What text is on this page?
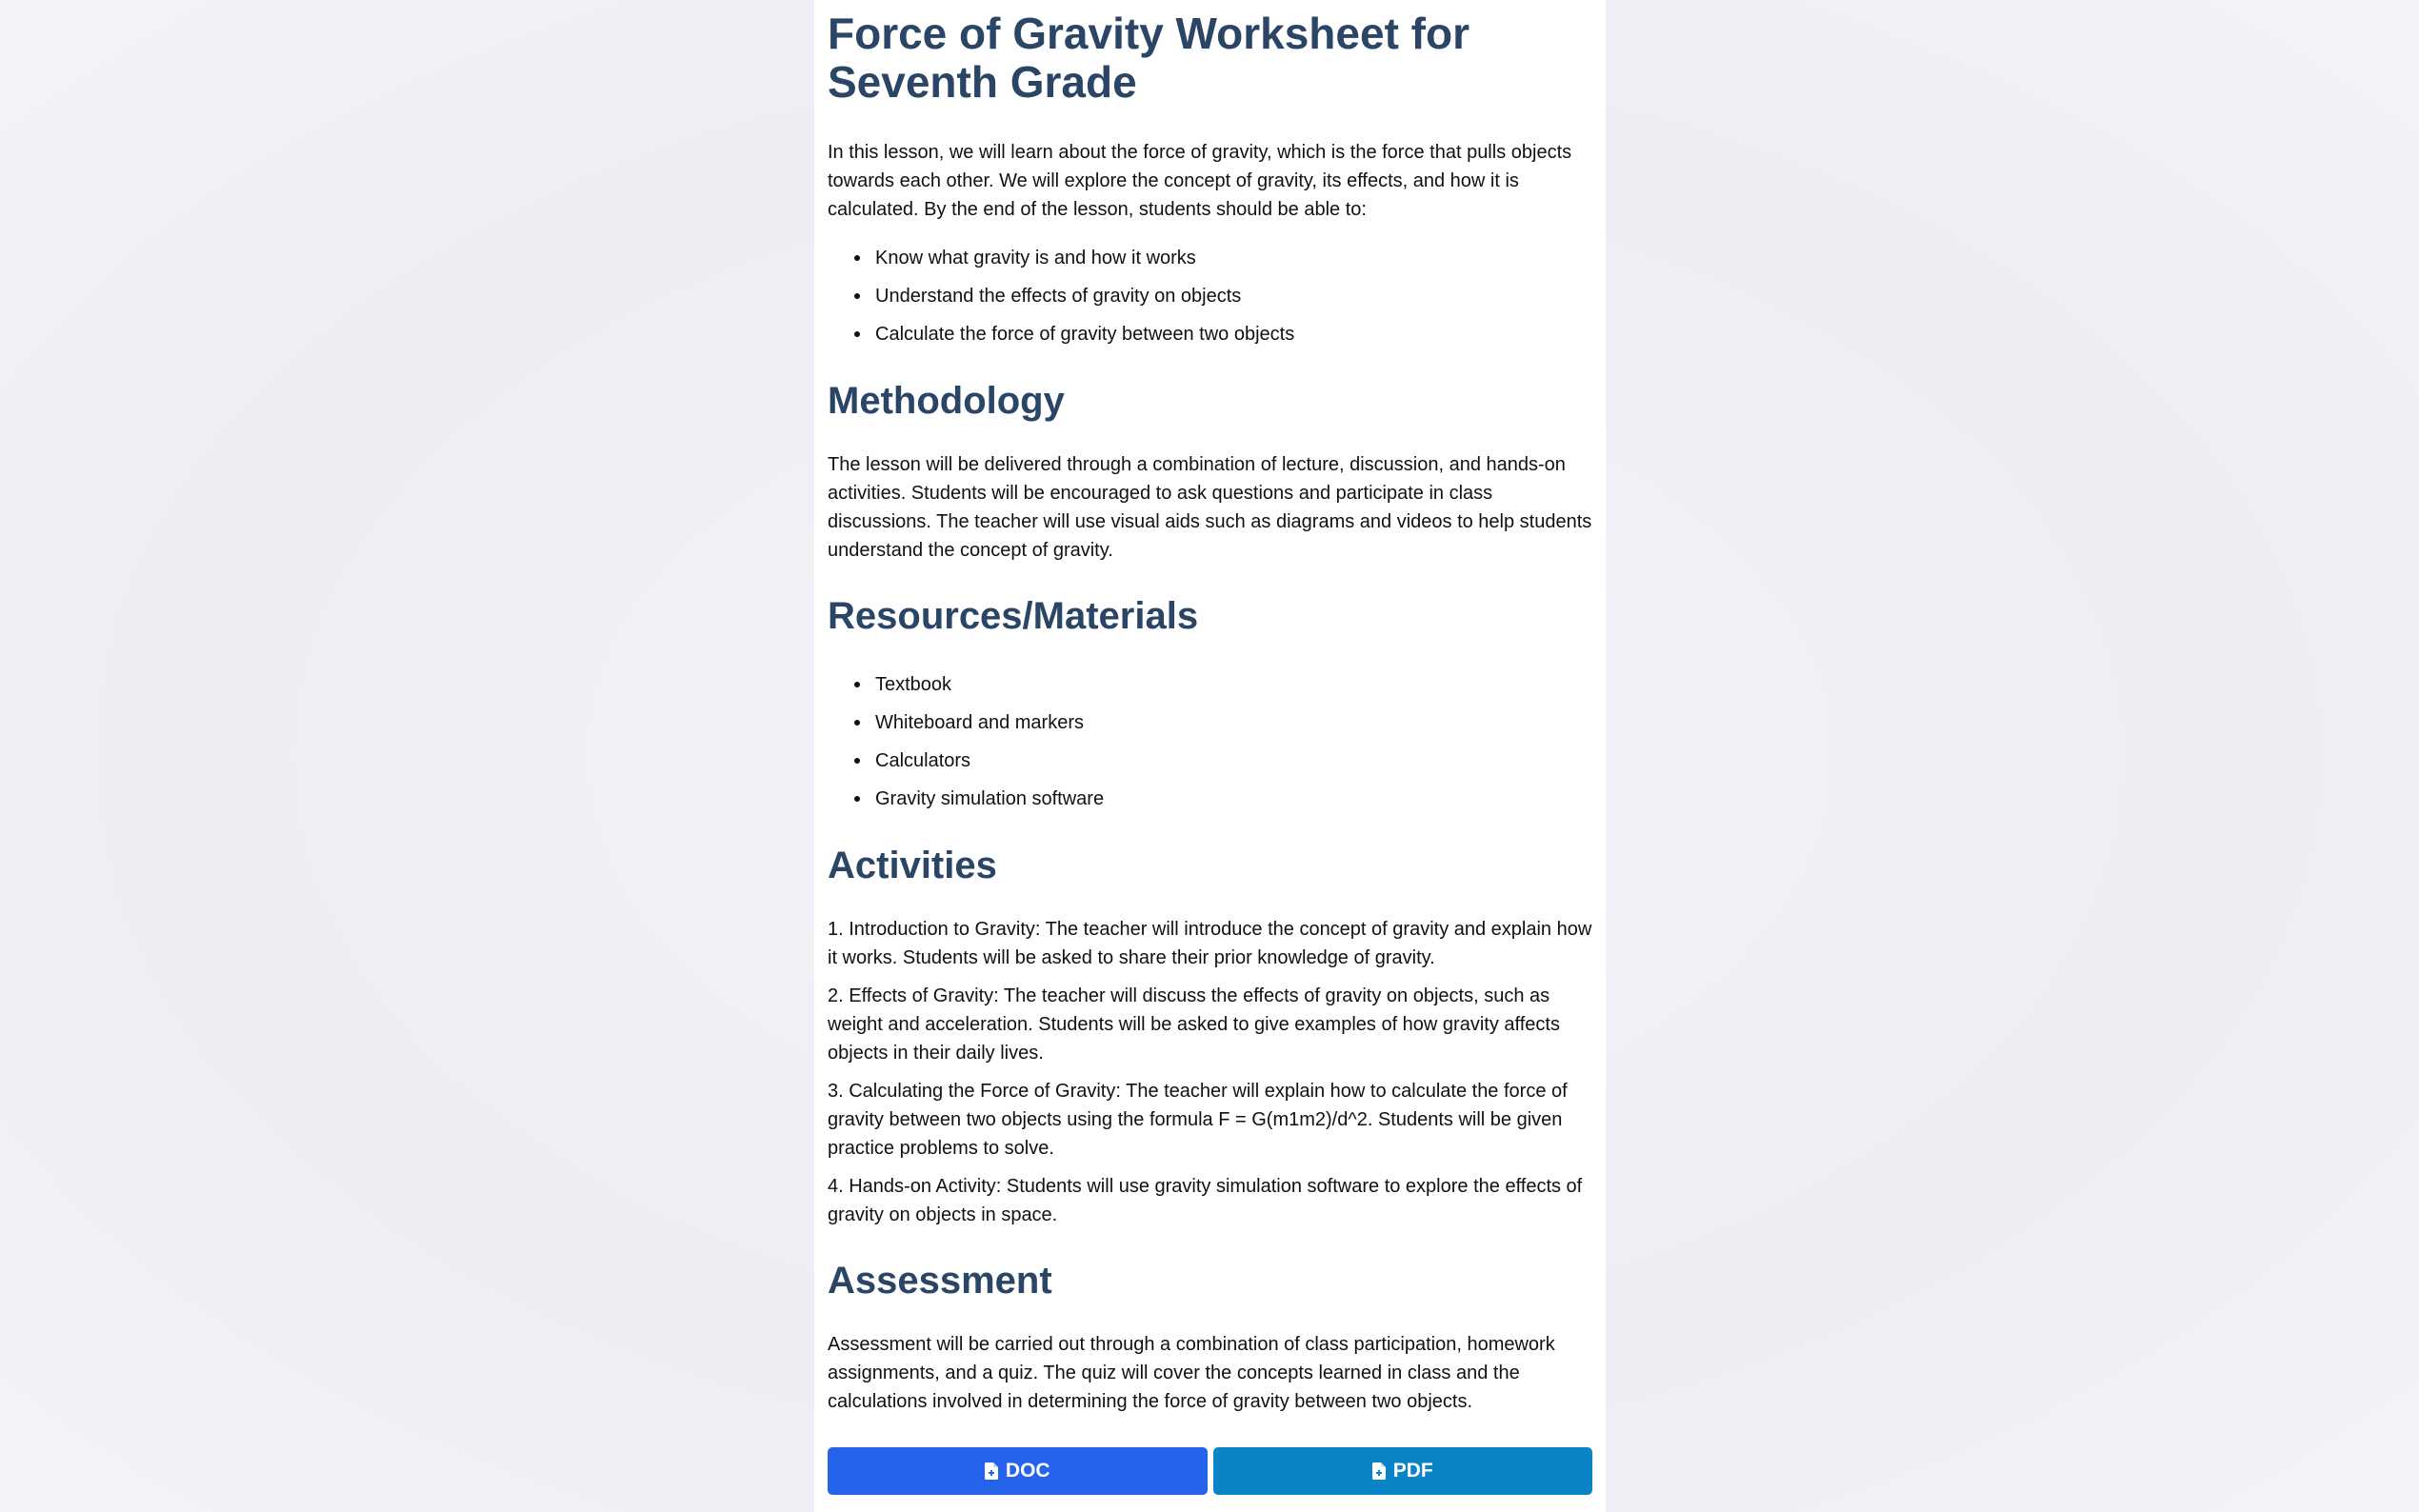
Force of Gravity Worksheet for Seventh Grade

In this lesson, we will learn about the force of gravity, which is the force that pulls objects towards each other. We will explore the concept of gravity, its effects, and how it is calculated. By the end of the lesson, students should be able to:

Know what gravity is and how it works
Understand the effects of gravity on objects
Calculate the force of gravity between two objects
Methodology

The lesson will be delivered through a combination of lecture, discussion, and hands-on activities. Students will be encouraged to ask questions and participate in class discussions. The teacher will use visual aids such as diagrams and videos to help students understand the concept of gravity.

Resources/Materials
Textbook
Whiteboard and markers
Calculators
Gravity simulation software
Activities

1. Introduction to Gravity: The teacher will introduce the concept of gravity and explain how it works. Students will be asked to share their prior knowledge of gravity.

2. Effects of Gravity: The teacher will discuss the effects of gravity on objects, such as weight and acceleration. Students will be asked to give examples of how gravity affects objects in their daily lives.

3. Calculating the Force of Gravity: The teacher will explain how to calculate the force of gravity between two objects using the formula F = G(m1m2)/d^2. Students will be given practice problems to solve.

4. Hands-on Activity: Students will use gravity simulation software to explore the effects of gravity on objects in space.

Assessment

Assessment will be carried out through a combination of class participation, homework assignments, and a quiz. The quiz will cover the concepts learned in class and the calculations involved in determining the force of gravity between two objects.

DOC	PDF
